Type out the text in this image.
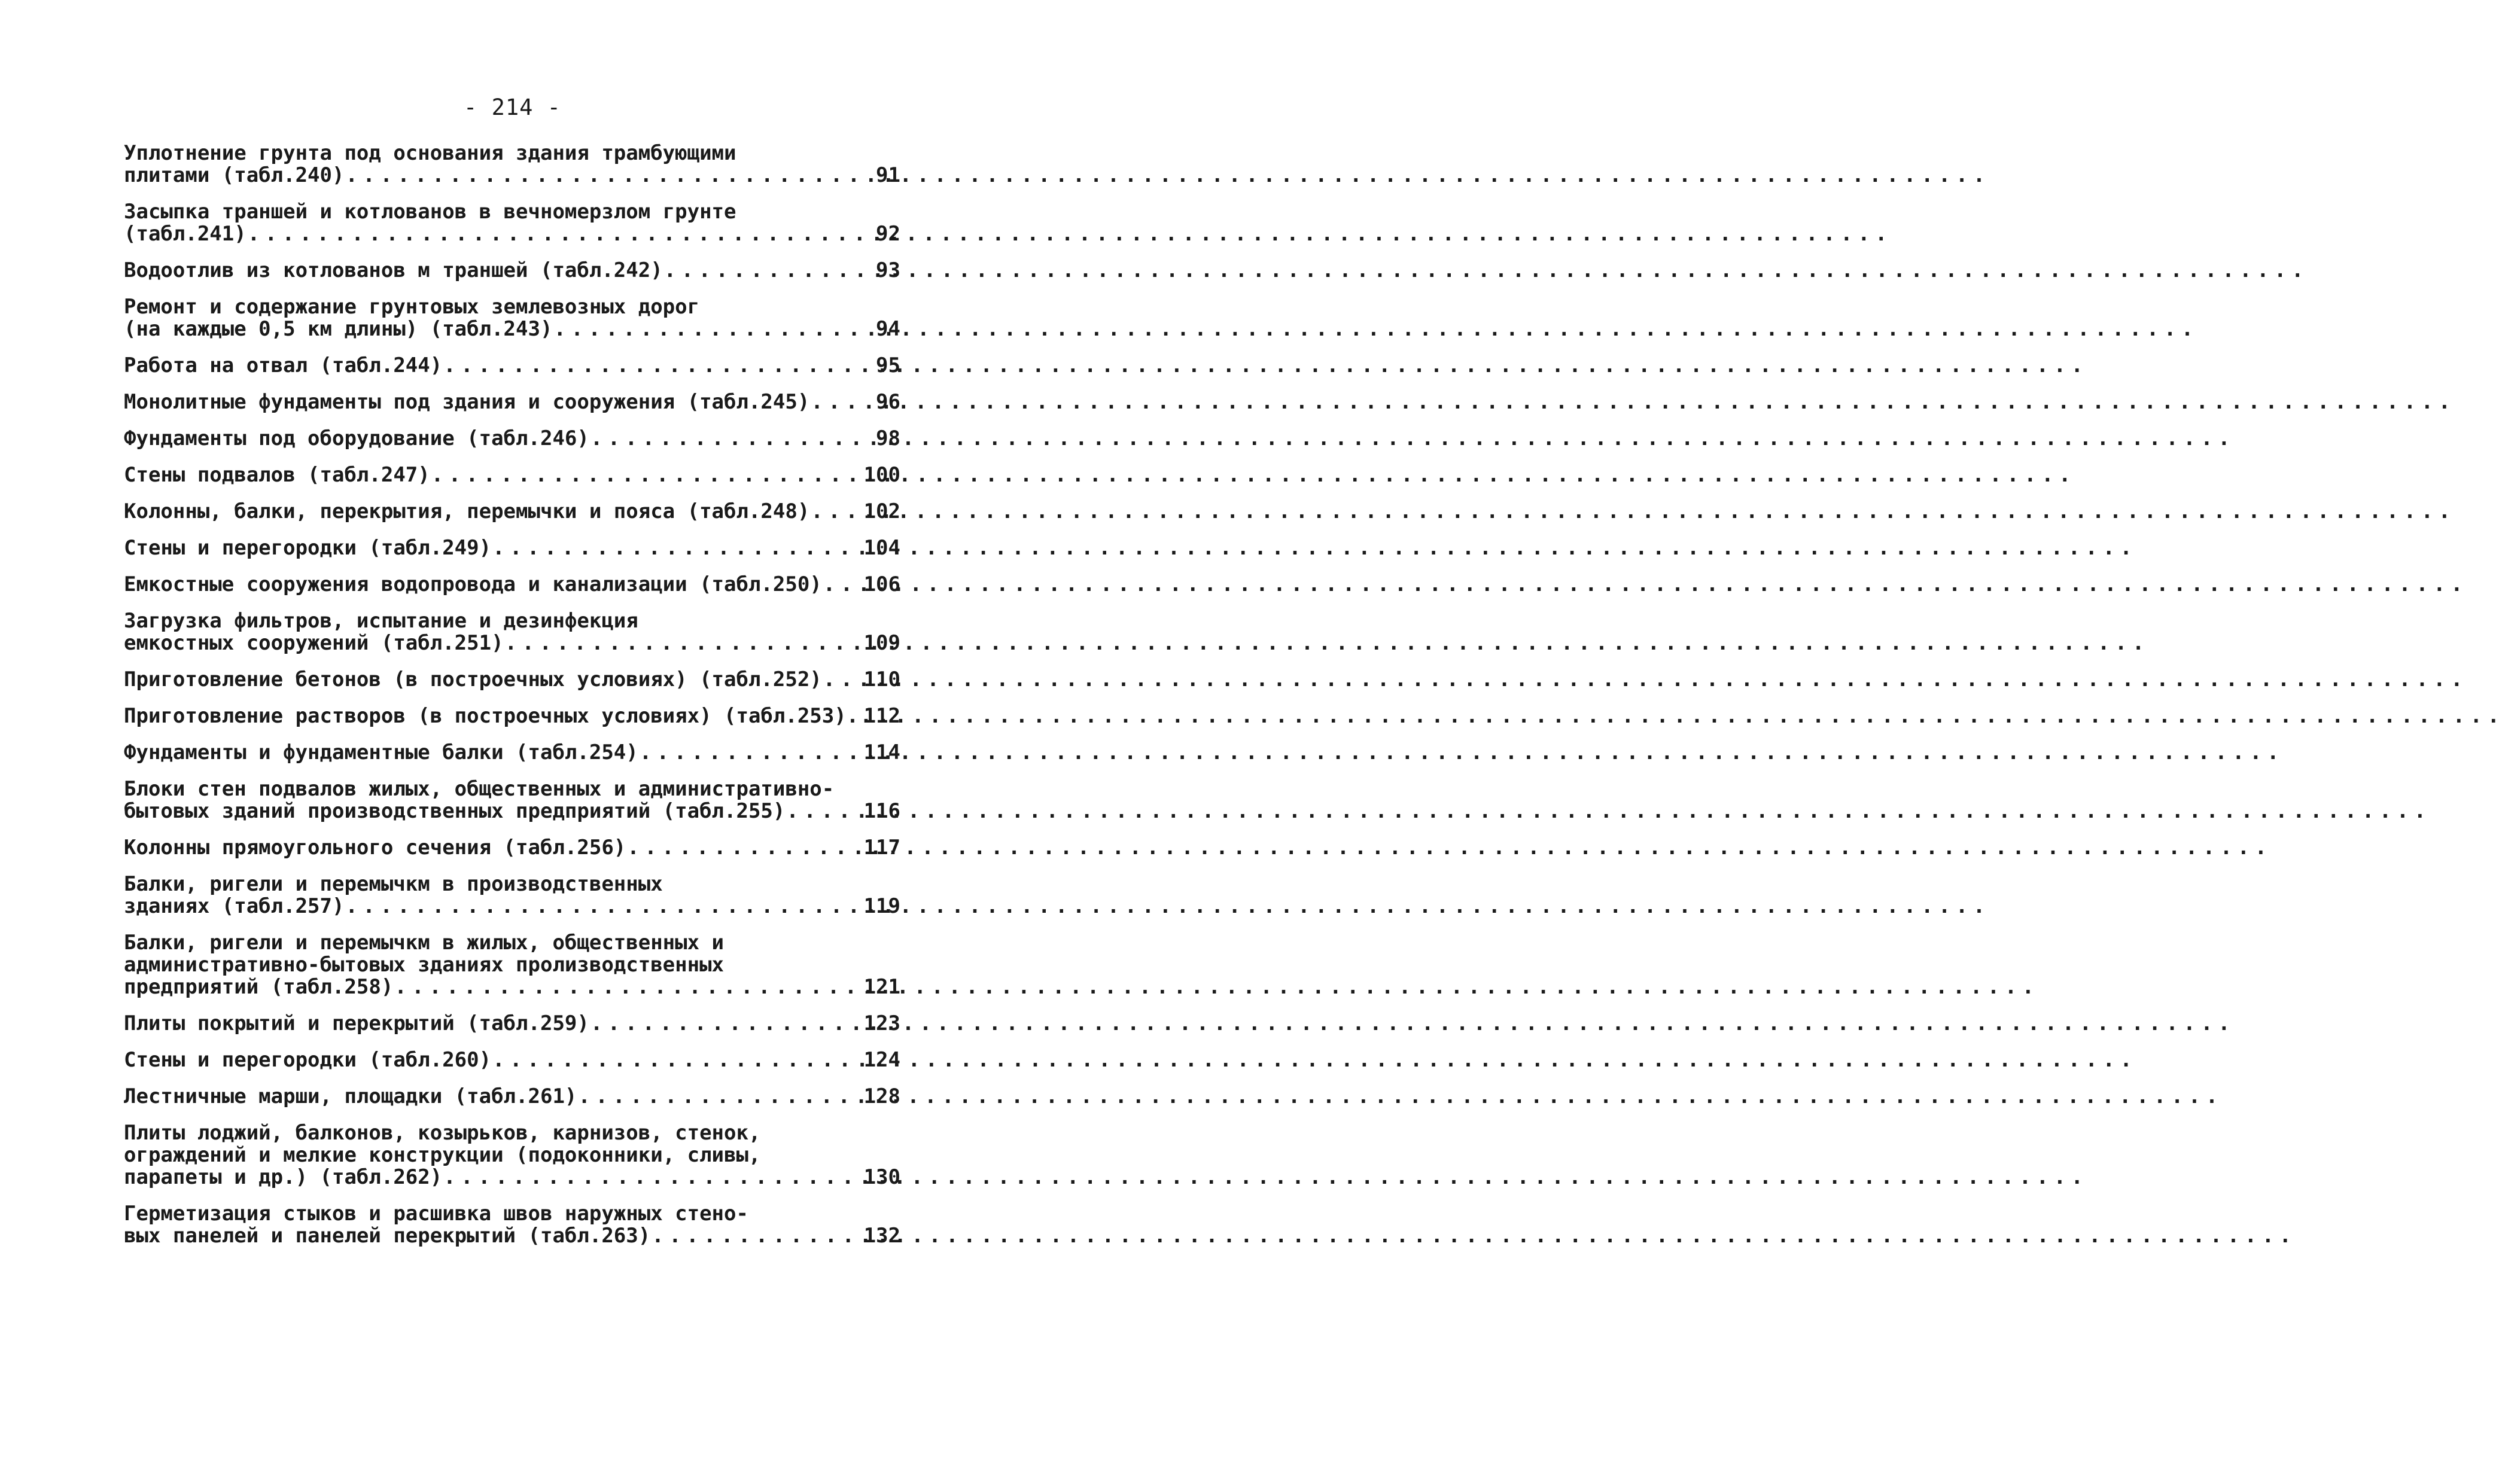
- 214 -
Уплотнение грунта под основания здания трамбующими
плитами (табл.240) . . .	91
Засыпка траншей и котлованов в вечномерзлом грунте
(табл.241) . . .	92
Водоотлив из котлованов м траншей (табл.242) . . .	93
Ремонт и содержание грунтовых землевозных дорог
(на каждые 0,5 км длины) (табл.243) . . .	94
Работа на отвал (табл.244) . . .	95
Монолитные фундаменты под здания и сооружения (табл.245) . . .	96
Фундаменты под оборудование (табл.246) . . .	98
Стены подвалов (табл.247) . . .	100
Колонны, балки, перекрытия, перемычки и пояса (табл.248) . . .	102
Стены и перегородки (табл.249) . . .	104
Емкостные сооружения водопровода и канализации (табл.250) . . .	106
Загрузка фильтров, испытание и дезинфекция
емкостных сооружений (табл.251) . . .	109
Приготовление бетонов (в построечных условиях) (табл.252) . . .	110
Приготовление растворов (в построечных условиях) (табл.253). . . . 112
Фундаменты и фундаментные балки (табл.254) . . .	114
Блоки стен подвалов жилых, общественных и административно-
бытовых зданий производственных предприятий (табл.255) . . .	116
Колонны прямоугольного сечения (табл.256) . . .	117
Балки, ригели и перемычкм в производственных
зданиях (табл.257) . . .	119
Балки, ригели и перемычкм в жилых, общественных и
административно-бытовых зданиях пролизводственных
предприятий (табл.258) . . .	121
Плиты покрытий и перекрытий (табл.259) . . .	123
Стены и перегородки (табл.260) . . .	124
Лестничные марши, площадки (табл.261) . . .	128
Плиты лоджий, балконов, козырьков, карнизов, стенок,
ограждений и мелкие конструкции (подоконники, сливы,
парапеты и др.) (табл.262) . . .	130
Герметизация стыков и расшивка швов наружных стено-
вых панелей и панелей перекрытий (табл.263) . . .	132
